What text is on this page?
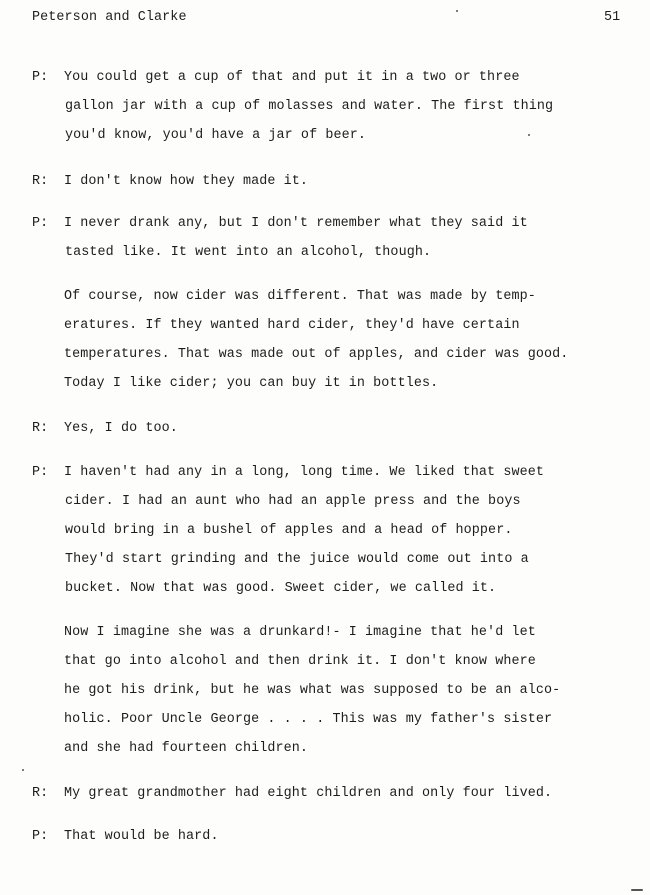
Peterson and Clarke	51
P: You could get a cup of that and put it in a two or three
gallon jar with a cup of molasses and water. The first thing
you'd know, you'd have a jar of beer.
R: I don't know how they made it.
P: I never drank any, but I don't remember what they said it
tasted like. It went into an alcohol, though.
Of course, now cider was different. That was made by temp-
eratures. If they wanted hard cider, they'd have certain
temperatures. That was made out of apples, and cider was good.
Today I like cider; you can buy it in bottles.
R: Yes, I do too.
P: I haven't had any in a long, long time. We liked that sweet
cider. I had an aunt who had an apple press and the boys
would bring in a bushel of apples and a head of hopper.
They'd start grinding and the juice would come out into a
bucket. Now that was good. Sweet cider, we called it.
Now I imagine she was a drunkard!- I imagine that he'd let
that go into alcohol and then drink it. I don't know where
he got his drink, but he was what was supposed to be an alco-
holic. Poor Uncle George . . . . This was my father's sister
and she had fourteen children.
R: My great grandmother had eight children and only four lived.
P: That would be hard.
